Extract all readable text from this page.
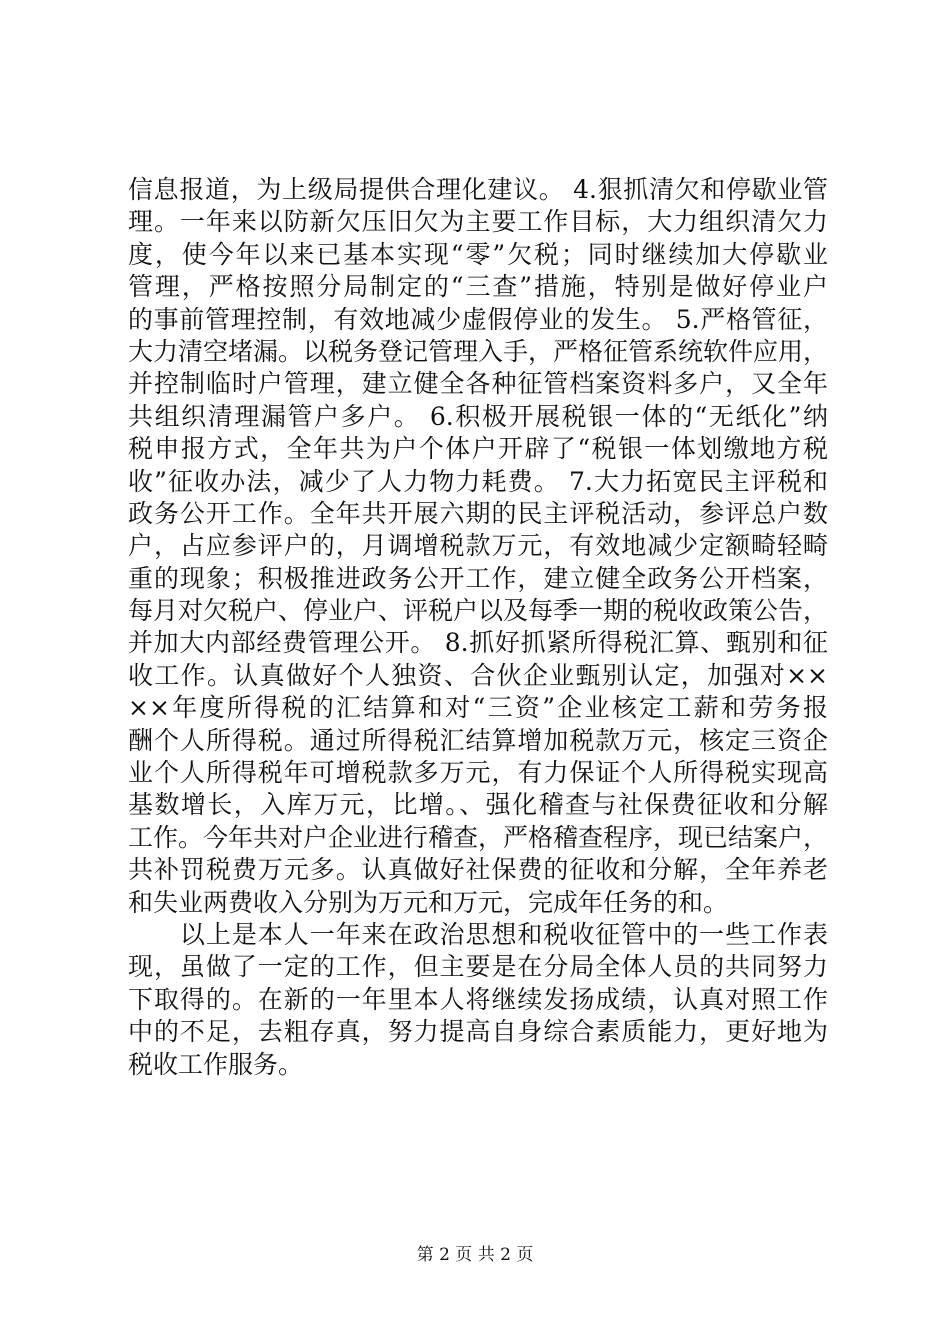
信息报道，为上级局提供合理化建议。 4.狠抓清欠和停歇业管
理。一年来以防新欠压旧欠为主要工作目标，大力组织清欠力
度，使今年以来已基本实现“零”欠税；同时继续加大停歇业
管理，严格按照分局制定的“三查”措施，特别是做好停业户
的事前管理控制，有效地减少虚假停业的发生。 5.严格管征，
大力清空堵漏。以税务登记管理入手，严格征管系统软件应用，
并控制临时户管理，建立健全各种征管档案资料多户，又全年
共组织清理漏管户多户。 6.积极开展税银一体的“无纸化”纳
税申报方式，全年共为户个体户开辟了“税银一体划缴地方税
收”征收办法，减少了人力物力耗费。 7.大力拓宽民主评税和
政务公开工作。全年共开展六期的民主评税活动，参评总户数
户，占应参评户的，月调增税款万元，有效地减少定额畸轻畸
重的现象；积极推进政务公开工作，建立健全政务公开档案，
每月对欠税户、停业户、评税户以及每季一期的税收政策公告，
并加大内部经费管理公开。 8.抓好抓紧所得税汇算、甄别和征
收工作。认真做好个人独资、合伙企业甄别认定，加强对××
××年度所得税的汇结算和对“三资”企业核定工薪和劳务报
酬个人所得税。通过所得税汇结算增加税款万元，核定三资企
业个人所得税年可增税款多万元，有力保证个人所得税实现高
基数增长，入库万元，比增。、强化稽查与社保费征收和分解
工作。今年共对户企业进行稽查，严格稽查程序，现已结案户，
共补罚税费万元多。认真做好社保费的征收和分解，全年养老
和失业两费收入分别为万元和万元，完成年任务的和。
　　以上是本人一年来在政治思想和税收征管中的一些工作表
现，虽做了一定的工作，但主要是在分局全体人员的共同努力
下取得的。在新的一年里本人将继续发扬成绩，认真对照工作
中的不足，去粗存真，努力提高自身综合素质能力，更好地为
税收工作服务。
第 2 页 共 2 页
